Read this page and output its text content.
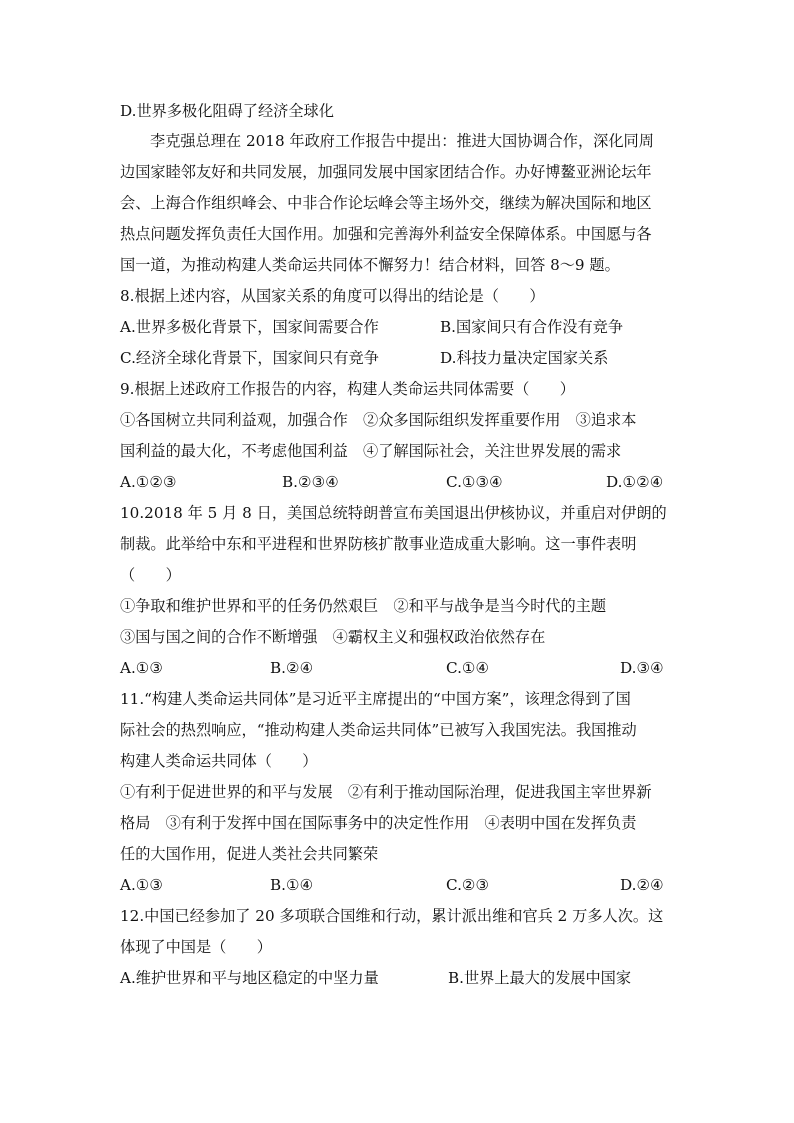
D.世界多极化阻碍了经济全球化
李克强总理在 2018 年政府工作报告中提出：推进大国协调合作，深化同周
边国家睦邻友好和共同发展，加强同发展中国家团结合作。办好博鳌亚洲论坛年
会、上海合作组织峰会、中非合作论坛峰会等主场外交，继续为解决国际和地区
热点问题发挥负责任大国作用。加强和完善海外利益安全保障体系。中国愿与各
国一道，为推动构建人类命运共同体不懈努力！结合材料，回答 8～9 题。
8.根据上述内容，从国家关系的角度可以得出的结论是（　　）
A.世界多极化背景下，国家间需要合作	B.国家间只有合作没有竞争
C.经济全球化背景下，国家间只有竞争	D.科技力量决定国家关系
9.根据上述政府工作报告的内容，构建人类命运共同体需要（　　）
①各国树立共同利益观，加强合作　②众多国际组织发挥重要作用　③追求本
国利益的最大化，不考虑他国利益　④了解国际社会，关注世界发展的需求
A.①②③	B.②③④	C.①③④	D.①②④
10.2018 年 5 月 8 日，美国总统特朗普宣布美国退出伊核协议，并重启对伊朗的
制裁。此举给中东和平进程和世界防核扩散事业造成重大影响。这一事件表明
（　　）
①争取和维护世界和平的任务仍然艰巨　②和平与战争是当今时代的主题
③国与国之间的合作不断增强　④霸权主义和强权政治依然存在
A.①③	B.②④	C.①④	D.③④
11.“构建人类命运共同体”是习近平主席提出的“中国方案”，该理念得到了国
际社会的热烈响应，“推动构建人类命运共同体”已被写入我国宪法。我国推动
构建人类命运共同体（　　）
①有利于促进世界的和平与发展　②有利于推动国际治理，促进我国主宰世界新
格局　③有利于发挥中国在国际事务中的决定性作用　④表明中国在发挥负责
任的大国作用，促进人类社会共同繁荣
A.①③	B.①④	C.②③	D.②④
12.中国已经参加了 20 多项联合国维和行动，累计派出维和官兵 2 万多人次。这
体现了中国是（　　）
A.维护世界和平与地区稳定的中坚力量	B.世界上最大的发展中国家
